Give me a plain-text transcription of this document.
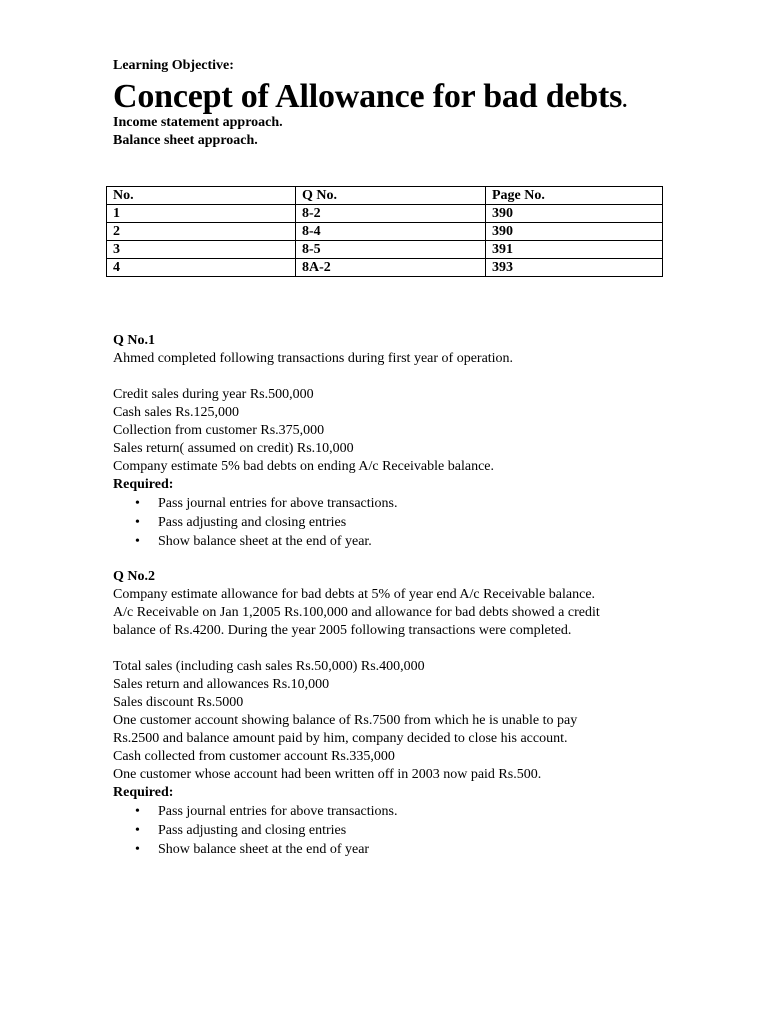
Learning Objective:
Concept of Allowance for bad debts.
Income statement approach.
Balance sheet approach.
No.	Q No.	Page No.
1	8-2	390
2	8-4	390
3	8-5	391
4	8A-2	393
Q No.1
Ahmed completed following transactions during first year of operation.
Credit sales during year Rs.500,000
Cash sales Rs.125,000
Collection from customer Rs.375,000
Sales return( assumed on credit) Rs.10,000
Company estimate 5% bad debts on ending A/c Receivable balance.
Required:
• Pass journal entries for above transactions.
• Pass adjusting and closing entries
• Show balance sheet at the end of year.
Q No.2
Company estimate allowance for bad debts at 5% of year end A/c Receivable balance.
A/c Receivable on Jan 1,2005 Rs.100,000 and allowance for bad debts showed a credit
balance of Rs.4200. During the year 2005 following transactions were completed.
Total sales (including cash sales Rs.50,000) Rs.400,000
Sales return and allowances Rs.10,000
Sales discount Rs.5000
One customer account showing balance of Rs.7500 from which he is unable to pay
Rs.2500 and balance amount paid by him, company decided to close his account.
Cash collected from customer account Rs.335,000
One customer whose account had been written off in 2003 now paid Rs.500.
Required:
• Pass journal entries for above transactions.
• Pass adjusting and closing entries
• Show balance sheet at the end of year
